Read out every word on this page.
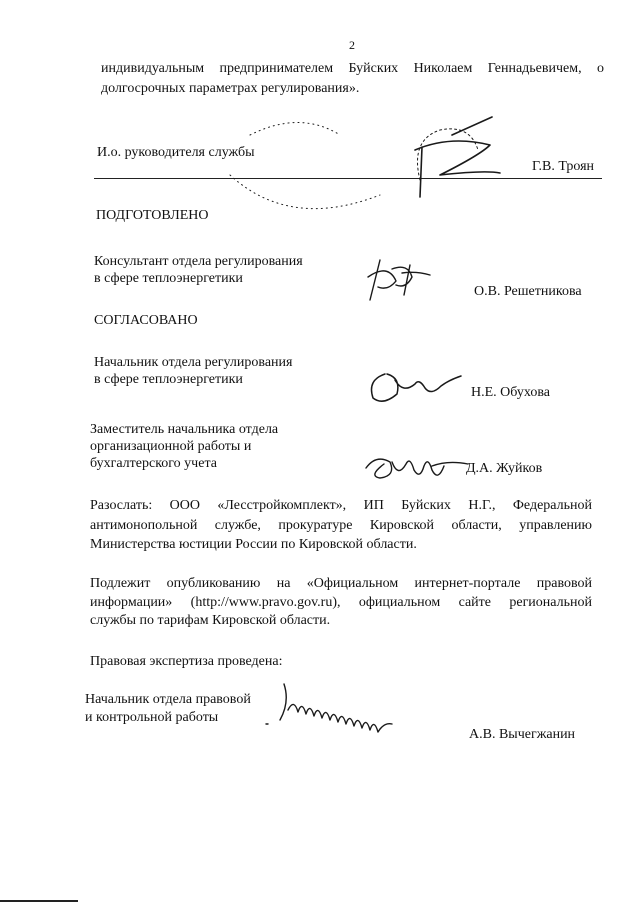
2
индивидуальным предпринимателем Буйских Николаем Геннадьевичем, о
долгосрочных параметрах регулирования».
И.о. руководителя службы
Г.В. Троян
ПОДГОТОВЛЕНО
Консультант отдела регулирования
в сфере теплоэнергетики
О.В. Решетникова
СОГЛАСОВАНО
Начальник отдела регулирования
в сфере теплоэнергетики
Н.Е. Обухова
Заместитель начальника отдела
организационной работы и
бухгалтерского учета	Д.А. Жуйков
Разослать: ООО «Лесстройкомплект», ИП Буйских Н.Г., Федеральной
антимонопольной службе, прокуратуре Кировской области, управлению
Министерства юстиции России по Кировской области.
Подлежит опубликованию на «Официальном интернет-портале правовой
информации» (http://www.pravo.gov.ru), официальном сайте региональной
службы по тарифам Кировской области.
Правовая экспертиза проведена:
Начальник отдела правовой
и контрольной работы
А.В. Вычегжанин
